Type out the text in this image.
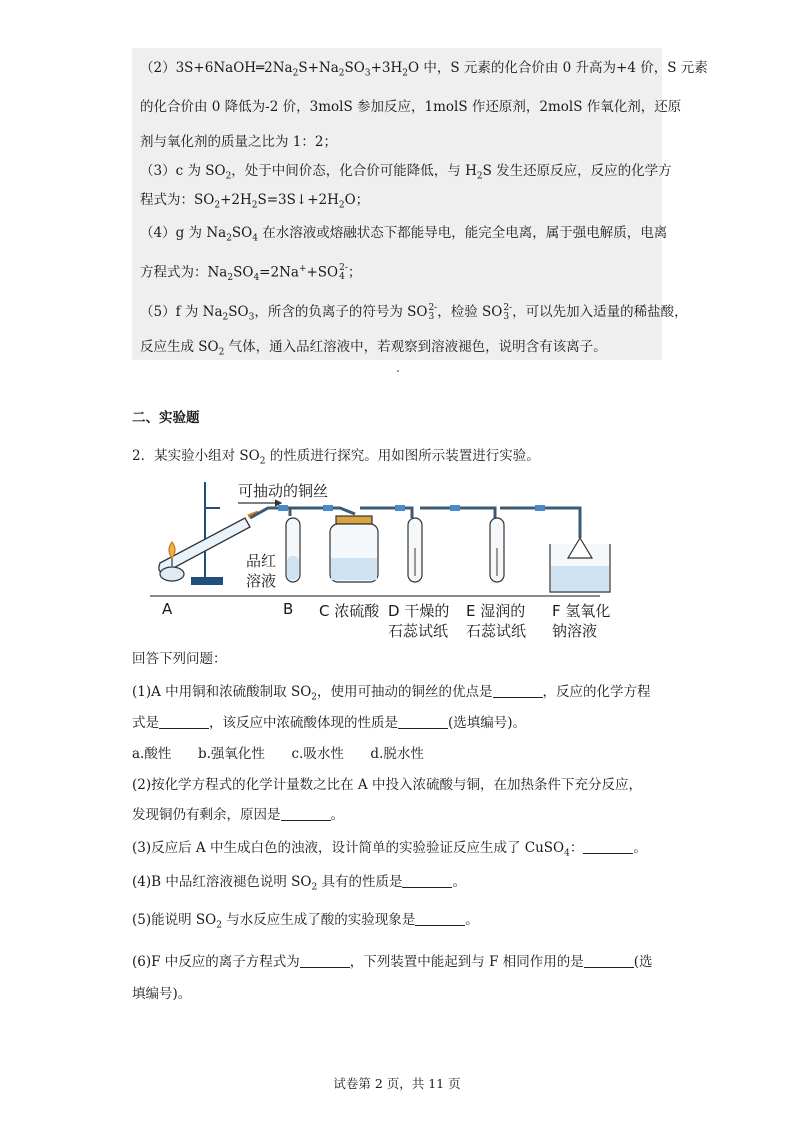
$(2)3S+6NaOH═2Na_2S+Na_2SO_3+3H_2O$ 中，S 元素的化合价由 0 升高为+4 价，S 元素
的化合价由 0 降低为-2 价，3molS 参加反应，1molS 作还原剂，2molS 作氧化剂，还原
剂与氧化剂的质量之比为 1：2；
（3）c 为 $SO_2$，处于中间价态，化合价可能降低，与 $H_2S$ 发生还原反应，反应的化学方
程式为：$SO_2+2H_2S=3S↓+2H_2O$；
（4）g 为 $Na_2SO_4$ 在水溶液或熔融状态下都能导电，能完全电离，属于强电解质，电离
方程式为：$Na_2SO_4=2Na^++SO$ 2-
4 ；
（5）f 为 $Na_2SO_3$，所含的负离子的符号为 SO 2-
3 ，检验 SO 2-
3 ，可以先加入适量的稀盐酸，
反应生成 $SO_2$ 气体，通入品红溶液中，若观察到溶液褪色，说明含有该离子。
二、实验题
2．某实验小组对 $SO_2$ 的性质进行探究。用如图所示装置进行实验。
可抽动的铜丝
品红
溶液
A	B C 浓硫酸 D 干燥的
石蕊试纸
E 湿润的
石蕊试纸
F 氢氧化
钠溶液
回答下列问题：
(1)A 中用铜和浓硫酸制取 $SO_2$，使用可抽动的铜丝的优点是	，反应的化学方程
式是	，该反应中浓硫酸体现的性质是	(选填编号)。
a.酸性 b.强氧化性 c.吸水性 d.脱水性
(2)按化学方程式的化学计量数之比在 A 中投入浓硫酸与铜，在加热条件下充分反应，
发现铜仍有剩余，原因是	。
(3)反应后 A 中生成白色的浊液，设计简单的实验验证反应生成了 CuSO$_4$：	。
(4)B 中品红溶液褪色说明 $SO_2$ 具有的性质是	。
(5)能说明 $SO_2$ 与水反应生成了酸的实验现象是	。
(6)F 中反应的离子方程式为	，下列装置中能起到与 F 相同作用的是	(选
填编号)。
试卷第 2 页，共 11 页
